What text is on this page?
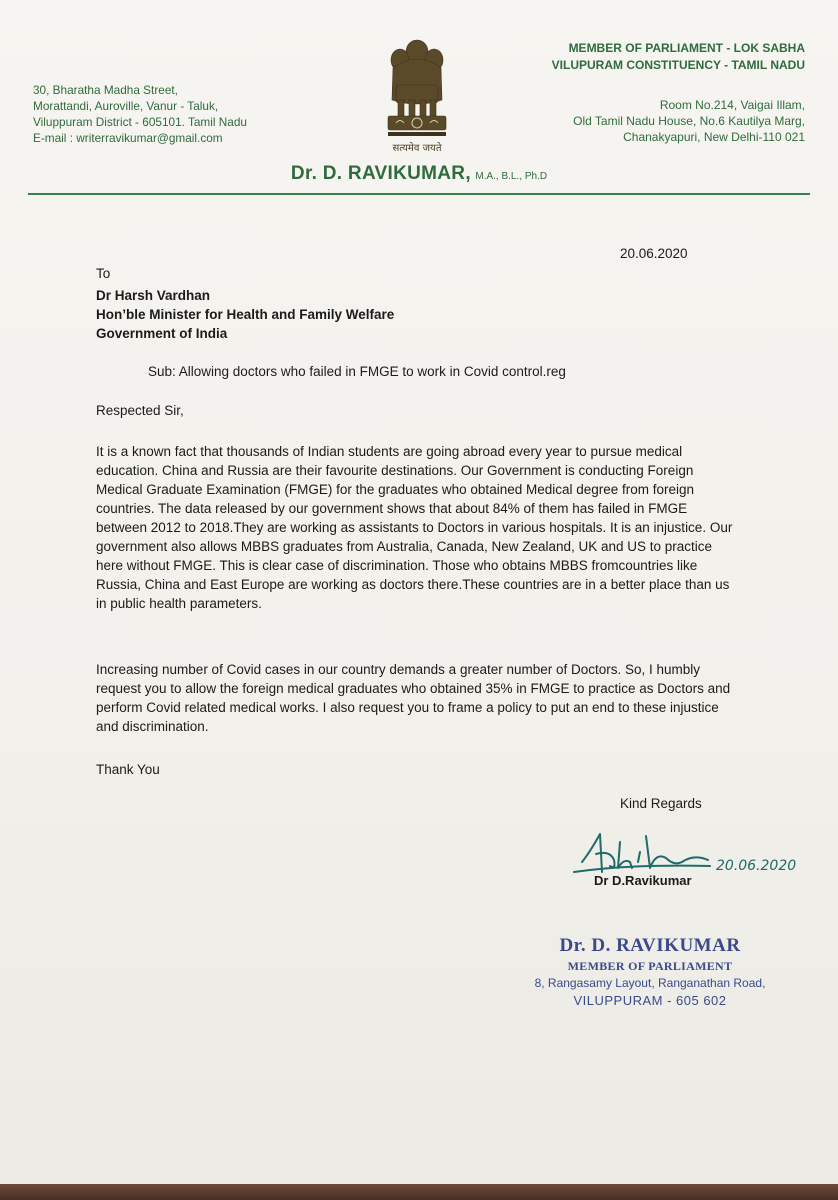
30, Bharatha Madha Street,
Morattandi, Auroville, Vanur - Taluk,
Viluppuram District - 605101. Tamil Nadu
E-mail : writerravikumar@gmail.com
सत्यमेव जयते
MEMBER OF PARLIAMENT - LOK SABHA
VILUPURAM CONSTITUENCY - TAMIL NADU
Room No.214, Vaigai Illam,
Old Tamil Nadu House, No.6 Kautilya Marg,
Chanakyapuri, New Delhi-110 021
Dr. D. RAVIKUMAR, M.A., B.L., Ph.D
20.06.2020
To
Dr Harsh Vardhan
Hon’ble Minister for Health and Family Welfare
Government of India
Sub: Allowing doctors who failed in FMGE to work in Covid control.reg
Respected Sir,
It is a known fact that thousands of Indian students are going abroad every year to pursue medical education. China and Russia are their favourite destinations. Our Government is conducting Foreign Medical Graduate Examination (FMGE) for the graduates who obtained Medical degree from foreign countries. The data released by our government shows that about 84% of them has failed in FMGE between 2012 to 2018.They are working as assistants to Doctors in various hospitals. It is an injustice. Our government also allows MBBS graduates from Australia, Canada, New Zealand, UK and US to practice here without FMGE. This is clear case of discrimination. Those who obtains MBBS fromcountries like Russia, China and East Europe are working as doctors there.These countries are in a better place than us in public health parameters.
Increasing number of Covid cases in our country demands a greater number of Doctors. So, I humbly request you to allow the foreign medical graduates who obtained 35% in FMGE to practice as Doctors and perform Covid related medical works. I also request you to frame a policy to put an end to these injustice and discrimination.
Thank You
Kind Regards
20.06.2020
Dr D.Ravikumar
Dr. D. RAVIKUMAR
MEMBER OF PARLIAMENT
8, Rangasamy Layout, Ranganathan Road,
VILUPPURAM - 605 602
